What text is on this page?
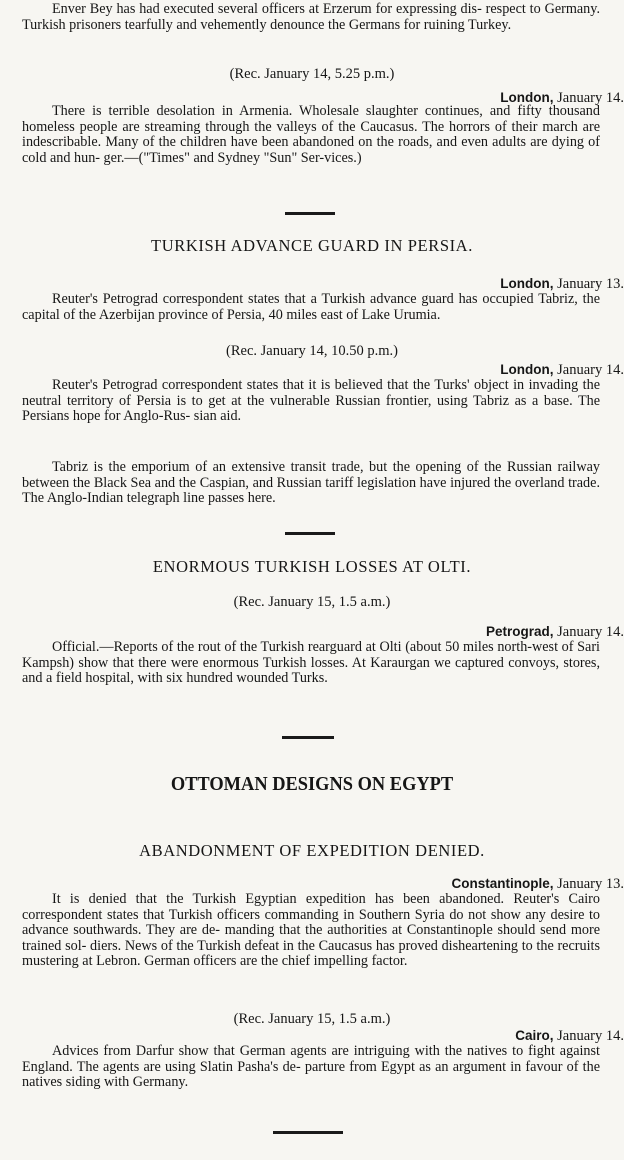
Enver Bey has had executed several officers at Erzerum for expressing dis- respect to Germany. Turkish prisoners tearfully and vehemently denounce the Germans for ruining Turkey.

(Rec. January 14, 5.25 p.m.)
London, January 14.

There is terrible desolation in Armenia. Wholesale slaughter continues, and fifty thousand homeless people are streaming through the valleys of the Caucasus. The horrors of their march are indescribable. Many of the children have been abandoned on the roads, and even adults are dying of cold and hun- ger.—("Times" and Sydney "Sun" Ser-vices.)

TURKISH ADVANCE GUARD IN PERSIA.
London, January 13.

Reuter's Petrograd correspondent states that a Turkish advance guard has occupied Tabriz, the capital of the Azerbijan province of Persia, 40 miles east of Lake Urumia.

(Rec. January 14, 10.50 p.m.)
London, January 14.

Reuter's Petrograd correspondent states that it is believed that the Turks' object in invading the neutral territory of Persia is to get at the vulnerable Russian frontier, using Tabriz as a base. The Persians hope for Anglo-Rus- sian aid.

Tabriz is the emporium of an extensive transit trade, but the opening of the Russian railway between the Black Sea and the Caspian, and Russian tariff legislation have injured the overland trade. The Anglo-Indian telegraph line passes here.

ENORMOUS TURKISH LOSSES AT OLTI.
(Rec. January 15, 1.5 a.m.)
Petrograd, January 14.

Official.—Reports of the rout of the Turkish rearguard at Olti (about 50 miles north-west of Sari Kampsh) show that there were enormous Turkish losses. At Karaurgan we captured convoys, stores, and a field hospital, with six hundred wounded Turks.

OTTOMAN DESIGNS ON EGYPT
ABANDONMENT OF EXPEDITION DENIED.
Constantinople, January 13.

It is denied that the Turkish Egyptian expedition has been abandoned. Reuter's Cairo correspondent states that Turkish officers commanding in Southern Syria do not show any desire to advance southwards. They are de- manding that the authorities at Constantinople should send more trained sol- diers. News of the Turkish defeat in the Caucasus has proved disheartening to the recruits mustering at Lebron. German officers are the chief impelling factor.

(Rec. January 15, 1.5 a.m.)
Cairo, January 14.

Advices from Darfur show that German agents are intriguing with the natives to fight against England. The agents are using Slatin Pasha's de- parture from Egypt as an argument in favour of the natives siding with Germany.
